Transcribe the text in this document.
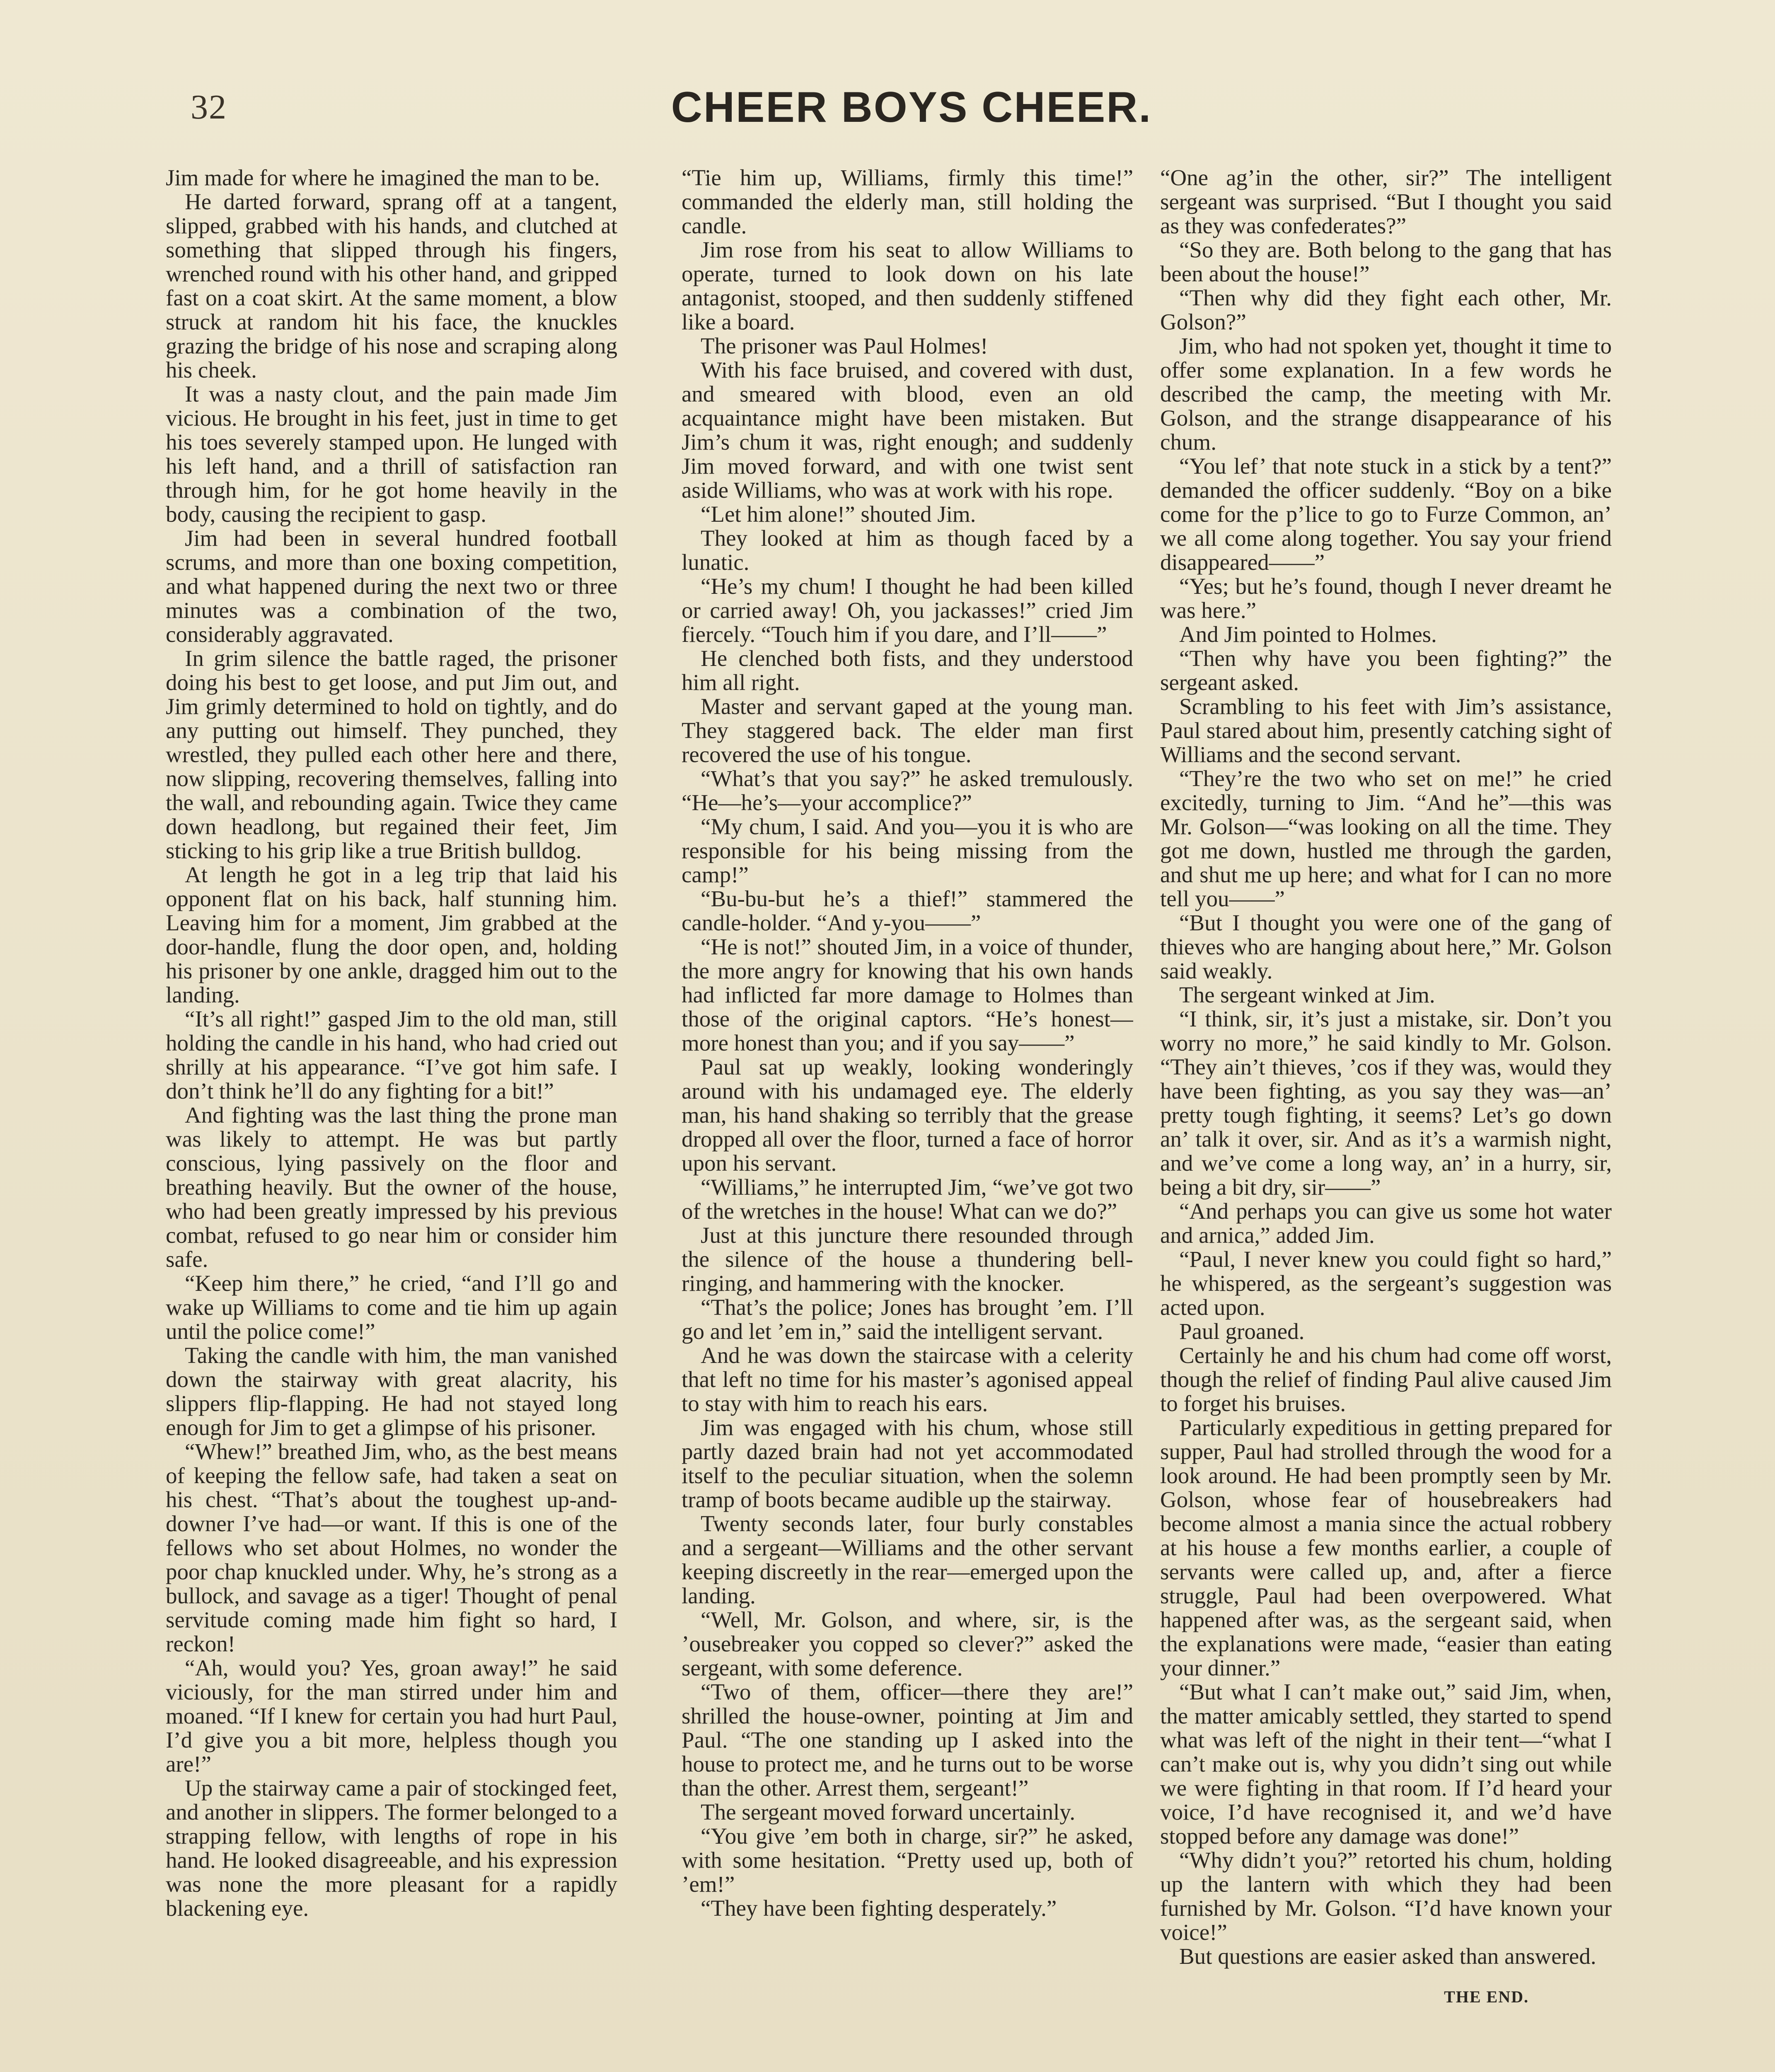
32	CHEER BOYS CHEER.

Jim made for where he imagined the man to be.

He darted forward, sprang off at a tangent, slipped, grabbed with his hands, and clutched at something that slipped through his fingers, wrenched round with his other hand, and gripped fast on a coat skirt. At the same moment, a blow struck at random hit his face, the knuckles grazing the bridge of his nose and scraping along his cheek.

It was a nasty clout, and the pain made Jim vicious. He brought in his feet, just in time to get his toes severely stamped upon. He lunged with his left hand, and a thrill of satisfaction ran through him, for he got home heavily in the body, causing the recipient to gasp.

Jim had been in several hundred football scrums, and more than one boxing competition, and what happened during the next two or three minutes was a combination of the two, considerably aggravated.

In grim silence the battle raged, the prisoner doing his best to get loose, and put Jim out, and Jim grimly determined to hold on tightly, and do any putting out himself. They punched, they wrestled, they pulled each other here and there, now slipping, recovering themselves, falling into the wall, and rebounding again. Twice they came down headlong, but regained their feet, Jim sticking to his grip like a true British bulldog.

At length he got in a leg trip that laid his opponent flat on his back, half stunning him. Leaving him for a moment, Jim grabbed at the door-handle, flung the door open, and, holding his prisoner by one ankle, dragged him out to the landing.

“It’s all right!” gasped Jim to the old man, still holding the candle in his hand, who had cried out shrilly at his appearance. “I’ve got him safe. I don’t think he’ll do any fighting for a bit!”

And fighting was the last thing the prone man was likely to attempt. He was but partly conscious, lying passively on the floor and breathing heavily. But the owner of the house, who had been greatly impressed by his previous combat, refused to go near him or consider him safe.

“Keep him there,” he cried, “and I’ll go and wake up Williams to come and tie him up again until the police come!”

Taking the candle with him, the man vanished down the stairway with great alacrity, his slippers flip-flapping. He had not stayed long enough for Jim to get a glimpse of his prisoner.

“Whew!” breathed Jim, who, as the best means of keeping the fellow safe, had taken a seat on his chest. “That’s about the toughest up-and-downer I’ve had—or want. If this is one of the fellows who set about Holmes, no wonder the poor chap knuckled under. Why, he’s strong as a bullock, and savage as a tiger! Thought of penal servitude coming made him fight so hard, I reckon!

“Ah, would you? Yes, groan away!” he said viciously, for the man stirred under him and moaned. “If I knew for certain you had hurt Paul, I’d give you a bit more, helpless though you are!”

Up the stairway came a pair of stockinged feet, and another in slippers. The former belonged to a strapping fellow, with lengths of rope in his hand. He looked disagreeable, and his expression was none the more pleasant for a rapidly blackening eye.

“Tie him up, Williams, firmly this time!” commanded the elderly man, still holding the candle.

Jim rose from his seat to allow Williams to operate, turned to look down on his late antagonist, stooped, and then suddenly stiffened like a board.

The prisoner was Paul Holmes!

With his face bruised, and covered with dust, and smeared with blood, even an old acquaintance might have been mistaken. But Jim’s chum it was, right enough; and suddenly Jim moved forward, and with one twist sent aside Williams, who was at work with his rope.

“Let him alone!” shouted Jim.

They looked at him as though faced by a lunatic.

“He’s my chum! I thought he had been killed or carried away! Oh, you jackasses!” cried Jim fiercely. “Touch him if you dare, and I’ll——”

He clenched both fists, and they understood him all right.

Master and servant gaped at the young man. They staggered back. The elder man first recovered the use of his tongue.

“What’s that you say?” he asked tremulously. “He—he’s—your accomplice?”

“My chum, I said. And you—you it is who are responsible for his being missing from the camp!”

“Bu-bu-but he’s a thief!” stammered the candle-holder. “And y-you——”

“He is not!” shouted Jim, in a voice of thunder, the more angry for knowing that his own hands had inflicted far more damage to Holmes than those of the original captors. “He’s honest—more honest than you; and if you say——”

Paul sat up weakly, looking wonderingly around with his undamaged eye. The elderly man, his hand shaking so terribly that the grease dropped all over the floor, turned a face of horror upon his servant.

“Williams,” he interrupted Jim, “we’ve got two of the wretches in the house! What can we do?”

Just at this juncture there resounded through the silence of the house a thundering bell-ringing, and hammering with the knocker.

“That’s the police; Jones has brought ’em. I’ll go and let ’em in,” said the intelligent servant.

And he was down the staircase with a celerity that left no time for his master’s agonised appeal to stay with him to reach his ears.

Jim was engaged with his chum, whose still partly dazed brain had not yet accommodated itself to the peculiar situation, when the solemn tramp of boots became audible up the stairway.

Twenty seconds later, four burly constables and a sergeant—Williams and the other servant keeping discreetly in the rear—emerged upon the landing.

“Well, Mr. Golson, and where, sir, is the ’ousebreaker you copped so clever?” asked the sergeant, with some deference.

“Two of them, officer—there they are!” shrilled the house-owner, pointing at Jim and Paul. “The one standing up I asked into the house to protect me, and he turns out to be worse than the other. Arrest them, sergeant!”

The sergeant moved forward uncertainly.

“You give ’em both in charge, sir?” he asked, with some hesitation. “Pretty used up, both of ’em!”

“They have been fighting desperately.”

“One ag’in the other, sir?” The intelligent sergeant was surprised. “But I thought you said as they was confederates?”

“So they are. Both belong to the gang that has been about the house!”

“Then why did they fight each other, Mr. Golson?”

Jim, who had not spoken yet, thought it time to offer some explanation. In a few words he described the camp, the meeting with Mr. Golson, and the strange disappearance of his chum.

“You lef’ that note stuck in a stick by a tent?” demanded the officer suddenly. “Boy on a bike come for the p’lice to go to Furze Common, an’ we all come along together. You say your friend disappeared——”

“Yes; but he’s found, though I never dreamt he was here.”

And Jim pointed to Holmes.

“Then why have you been fighting?” the sergeant asked.

Scrambling to his feet with Jim’s assistance, Paul stared about him, presently catching sight of Williams and the second servant.

“They’re the two who set on me!” he cried excitedly, turning to Jim. “And he”—this was Mr. Golson—“was looking on all the time. They got me down, hustled me through the garden, and shut me up here; and what for I can no more tell you——”

“But I thought you were one of the gang of thieves who are hanging about here,” Mr. Golson said weakly.

The sergeant winked at Jim.

“I think, sir, it’s just a mistake, sir. Don’t you worry no more,” he said kindly to Mr. Golson. “They ain’t thieves, ’cos if they was, would they have been fighting, as you say they was—an’ pretty tough fighting, it seems? Let’s go down an’ talk it over, sir. And as it’s a warmish night, and we’ve come a long way, an’ in a hurry, sir, being a bit dry, sir——”

“And perhaps you can give us some hot water and arnica,” added Jim.

“Paul, I never knew you could fight so hard,” he whispered, as the sergeant’s suggestion was acted upon.

Paul groaned.

Certainly he and his chum had come off worst, though the relief of finding Paul alive caused Jim to forget his bruises.

Particularly expeditious in getting prepared for supper, Paul had strolled through the wood for a look around. He had been promptly seen by Mr. Golson, whose fear of housebreakers had become almost a mania since the actual robbery at his house a few months earlier, a couple of servants were called up, and, after a fierce struggle, Paul had been overpowered. What happened after was, as the sergeant said, when the explanations were made, “easier than eating your dinner.”

“But what I can’t make out,” said Jim, when, the matter amicably settled, they started to spend what was left of the night in their tent—“what I can’t make out is, why you didn’t sing out while we were fighting in that room. If I’d heard your voice, I’d have recognised it, and we’d have stopped before any damage was done!”

“Why didn’t you?” retorted his chum, holding up the lantern with which they had been furnished by Mr. Golson. “I’d have known your voice!”

But questions are easier asked than answered.

THE END.
